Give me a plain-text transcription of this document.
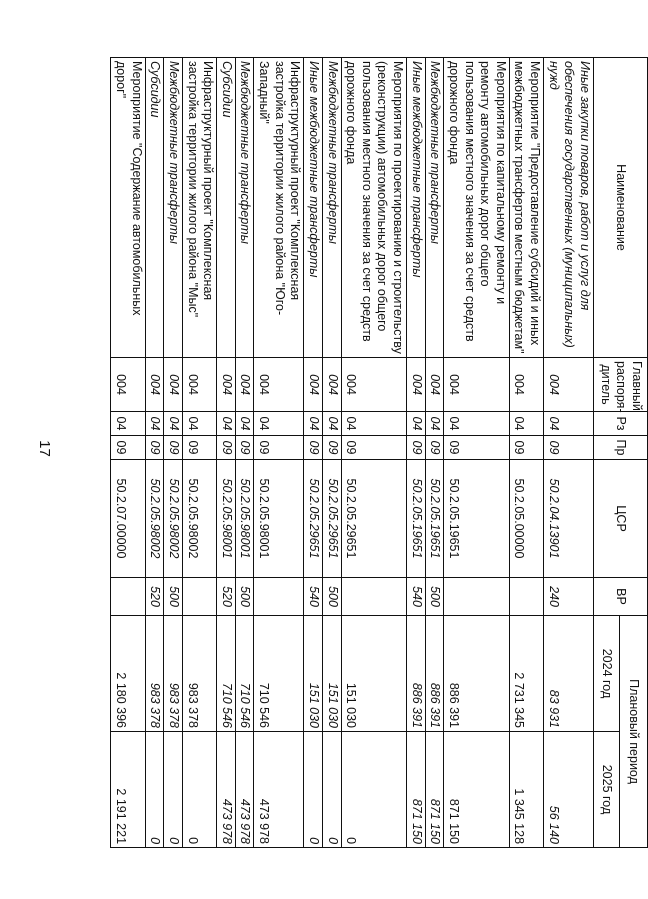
17
Наименование	Главный распоря-дитель	Рз	Пр	ЦСР	ВР	Плановый период	
						2024 год	2025 год
Иные закупки товаров, работ и услуг для обеспечения государственных (муниципальных) нужд	004	04	09	50.2.04.13901	240	83 931	56 140
Мероприятие "Предоставление субсидий и иных межбюджетных трансфертов местным бюджетам"	004	04	09	50.2.05.00000		2 731 345	1 345 128
Мероприятия по капитальному ремонту и ремонту автомобильных дорог общего пользования местного значения за счет средств дорожного фонда	004	04	09	50.2.05.19651		886 391	871 150
Межбюджетные трансферты	004	04	09	50.2.05.19651	500	886 391	871 150
Иные межбюджетные трансферты	004	04	09	50.2.05.19651	540	886 391	871 150
Мероприятия по проектированию и строительству (реконструкции) автомобильных дорог общего пользования местного значения за счет средств дорожного фонда	004	04	09	50.2.05.29651		151 030	0
Межбюджетные трансферты	004	04	09	50.2.05.29651	500	151 030	0
Иные межбюджетные трансферты	004	04	09	50.2.05.29651	540	151 030	0
Инфраструктурный проект "Комплексная застройка территории жилого района "Юго-Западный"	004	04	09	50.2.05.98001		710 546	473 978
Межбюджетные трансферты	004	04	09	50.2.05.98001	500	710 546	473 978
Субсидии	004	04	09	50.2.05.98001	520	710 546	473 978
Инфраструктурный проект "Комплексная застройка территории жилого района "Мыс"	004	04	09	50.2.05.98002		983 378	0
Межбюджетные трансферты	004	04	09	50.2.05.98002	500	983 378	0
Субсидии	004	04	09	50.2.05.98002	520	983 378	0
Мероприятие "Содержание автомобильных дорог"	004	04	09	50.2.07.00000		2 180 396	2 191 221
